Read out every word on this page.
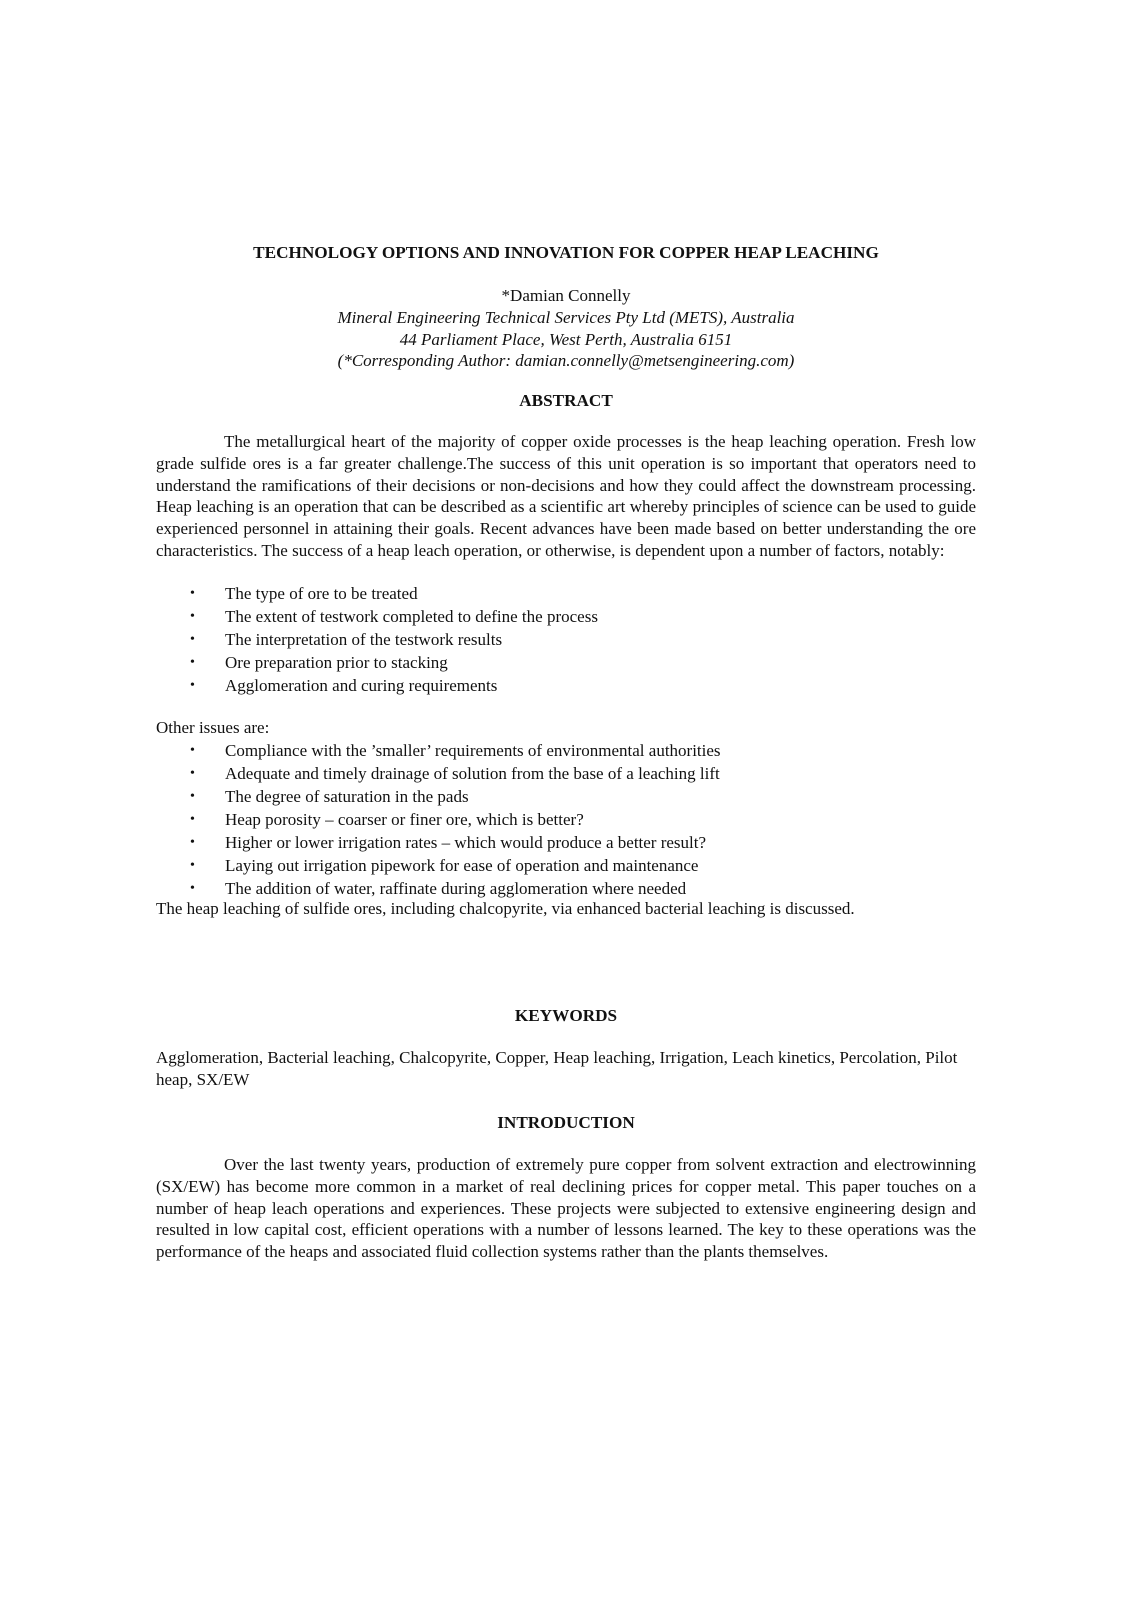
TECHNOLOGY OPTIONS AND INNOVATION FOR COPPER HEAP LEACHING
*Damian Connelly
Mineral Engineering Technical Services Pty Ltd (METS), Australia
44 Parliament Place, West Perth, Australia 6151
(*Corresponding Author: damian.connelly@metsengineering.com)
ABSTRACT

The metallurgical heart of the majority of copper oxide processes is the heap leaching operation. Fresh low grade sulfide ores is a far greater challenge.The success of this unit operation is so important that operators need to understand the ramifications of their decisions or non-decisions and how they could affect the downstream processing. Heap leaching is an operation that can be described as a scientific art whereby principles of science can be used to guide experienced personnel in attaining their goals. Recent advances have been made based on better understanding the ore characteristics. The success of a heap leach operation, or otherwise, is dependent upon a number of factors, notably:

• The type of ore to be treated
• The extent of testwork completed to define the process
• The interpretation of the testwork results
• Ore preparation prior to stacking
• Agglomeration and curing requirements
Other issues are:
• Compliance with the ’smaller’ requirements of environmental authorities
• Adequate and timely drainage of solution from the base of a leaching lift
• The degree of saturation in the pads
• Heap porosity – coarser or finer ore, which is better?
• Higher or lower irrigation rates – which would produce a better result?
• Laying out irrigation pipework for ease of operation and maintenance
• The addition of water, raffinate during agglomeration where needed
The heap leaching of sulfide ores, including chalcopyrite, via enhanced bacterial leaching is discussed.
KEYWORDS

Agglomeration, Bacterial leaching, Chalcopyrite, Copper, Heap leaching, Irrigation, Leach kinetics, Percolation, Pilot heap, SX/EW

INTRODUCTION

Over the last twenty years, production of extremely pure copper from solvent extraction and electrowinning (SX/EW) has become more common in a market of real declining prices for copper metal. This paper touches on a number of heap leach operations and experiences. These projects were subjected to extensive engineering design and resulted in low capital cost, efficient operations with a number of lessons learned. The key to these operations was the performance of the heaps and associated fluid collection systems rather than the plants themselves.
